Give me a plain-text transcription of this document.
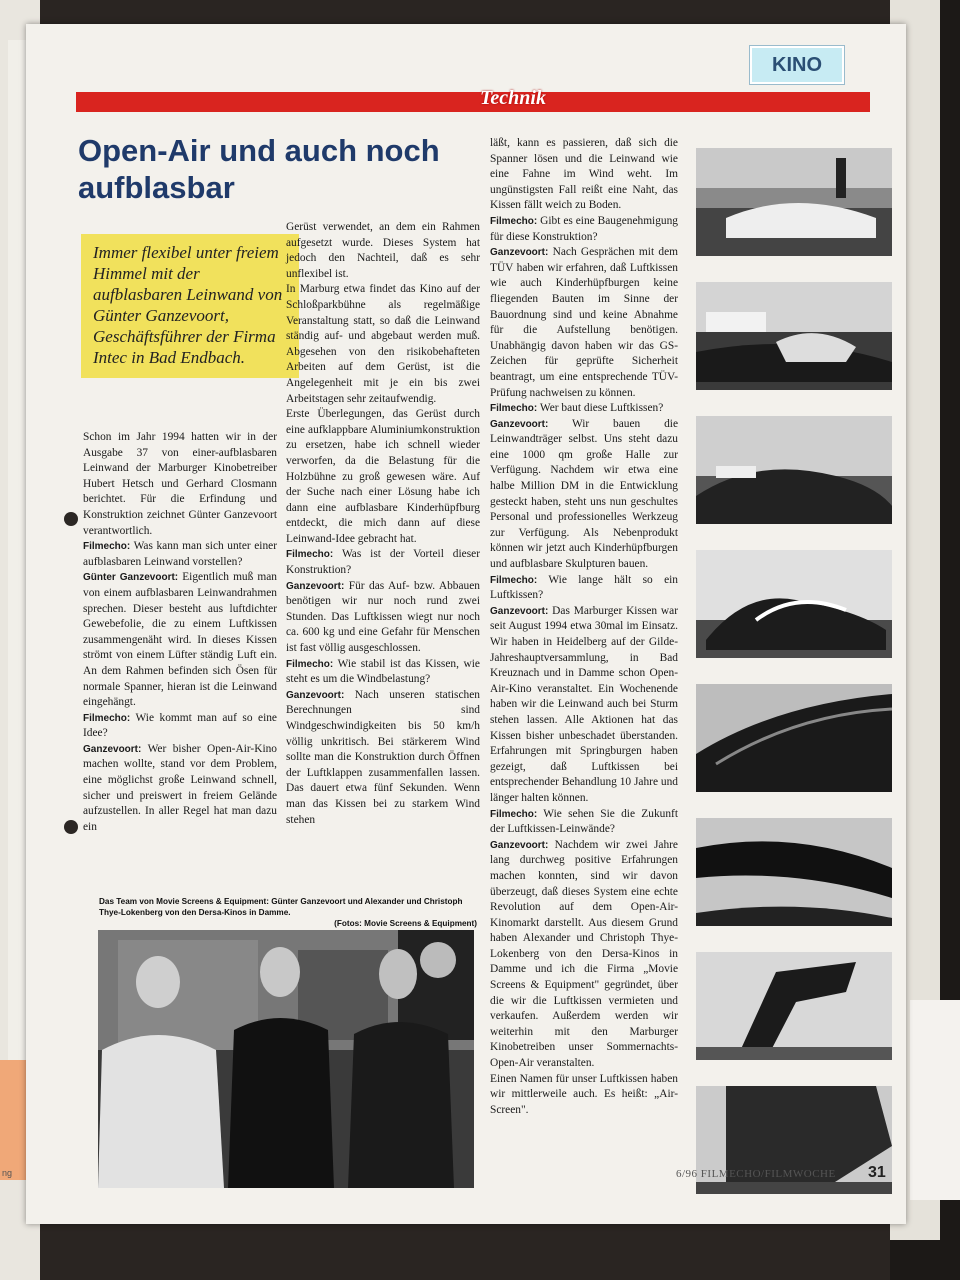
ng
KINO
Technik
Open-Air und auch noch aufblasbar
Immer flexibel unter freiem Himmel mit der aufblasbaren Leinwand von Günter Ganzevoort, Geschäftsführer der Firma Intec in Bad Endbach.

Schon im Jahr 1994 hatten wir in der Ausgabe 37 von einer-aufblasbaren Leinwand der Marburger Kinobetreiber Hubert Hetsch und Gerhard Closmann berichtet. Für die Erfindung und Konstruktion zeichnet Günter Ganzevoort verantwortlich.

Filmecho: Was kann man sich unter einer aufblasbaren Leinwand vorstellen?

Günter Ganzevoort: Eigentlich muß man von einem aufblasbaren Leinwandrahmen sprechen. Dieser besteht aus luftdichter Gewebefolie, die zu einem Luftkissen zusammengenäht wird. In dieses Kissen strömt von einem Lüfter ständig Luft ein. An dem Rahmen befinden sich Ösen für normale Spanner, hieran ist die Leinwand eingehängt.

Filmecho: Wie kommt man auf so eine Idee?

Ganzevoort: Wer bisher Open-Air-Kino machen wollte, stand vor dem Problem, eine möglichst große Leinwand schnell, sicher und preiswert in freiem Gelände aufzustellen. In aller Regel hat man dazu ein

Gerüst verwendet, an dem ein Rahmen aufgesetzt wurde. Dieses System hat jedoch den Nachteil, daß es sehr unflexibel ist.

In Marburg etwa findet das Kino auf der Schloßparkbühne als regelmäßige Veranstaltung statt, so daß die Leinwand ständig auf- und abgebaut werden muß. Abgesehen von den risikobehafteten Arbeiten auf dem Gerüst, ist die Angelegenheit mit je ein bis zwei Arbeitstagen sehr zeitaufwendig.

Erste Überlegungen, das Gerüst durch eine aufklappbare Aluminiumkonstruktion zu ersetzen, habe ich schnell wieder verworfen, da die Belastung für die Holzbühne zu groß gewesen wäre. Auf der Suche nach einer Lösung habe ich dann eine aufblasbare Kinderhüpfburg entdeckt, die mich dann auf diese Leinwand-Idee gebracht hat.

Filmecho: Was ist der Vorteil dieser Konstruktion?

Ganzevoort: Für das Auf- bzw. Abbauen benötigen wir nur noch rund zwei Stunden. Das Luftkissen wiegt nur noch ca. 600 kg und eine Gefahr für Menschen ist fast völlig ausgeschlossen.

Filmecho: Wie stabil ist das Kissen, wie steht es um die Windbelastung?

Ganzevoort: Nach unseren statischen Berechnungen sind Windgeschwindigkeiten bis 50 km/h völlig unkritisch. Bei stärkerem Wind sollte man die Konstruktion durch Öffnen der Luftklappen zusammenfallen lassen. Das dauert etwa fünf Sekunden. Wenn man das Kissen bei zu starkem Wind stehen

läßt, kann es passieren, daß sich die Spanner lösen und die Leinwand wie eine Fahne im Wind weht. Im ungünstigsten Fall reißt eine Naht, das Kissen fällt weich zu Boden.

Filmecho: Gibt es eine Baugenehmigung für diese Konstruktion?

Ganzevoort: Nach Gesprächen mit dem TÜV haben wir erfahren, daß Luftkissen wie auch Kinderhüpfburgen keine fliegenden Bauten im Sinne der Bauordnung sind und keine Abnahme für die Aufstellung benötigen. Unabhängig davon haben wir das GS-Zeichen für geprüfte Sicherheit beantragt, um eine entsprechende TÜV-Prüfung nachweisen zu können.

Filmecho: Wer baut diese Luftkissen?

Ganzevoort: Wir bauen die Leinwandträger selbst. Uns steht dazu eine 1000 qm große Halle zur Verfügung. Nachdem wir etwa eine halbe Million DM in die Entwicklung gesteckt haben, steht uns nun geschultes Personal und professionelles Werkzeug zur Verfügung. Als Nebenprodukt können wir jetzt auch Kinderhüpfburgen und aufblasbare Skulpturen bauen.

Filmecho: Wie lange hält so ein Luftkissen?

Ganzevoort: Das Marburger Kissen war seit August 1994 etwa 30mal im Einsatz. Wir haben in Heidelberg auf der Gilde-Jahreshauptversammlung, in Bad Kreuznach und in Damme schon Open-Air-Kino veranstaltet. Ein Wochenende haben wir die Leinwand auch bei Sturm stehen lassen. Alle Aktionen hat das Kissen bisher unbeschadet überstanden. Erfahrungen mit Springburgen haben gezeigt, daß Luftkissen bei entsprechender Behandlung 10 Jahre und länger halten können.

Filmecho: Wie sehen Sie die Zukunft der Luftkissen-Leinwände?

Ganzevoort: Nachdem wir zwei Jahre lang durchweg positive Erfahrungen machen konnten, sind wir davon überzeugt, daß dieses System eine echte Revolution auf dem Open-Air-Kinomarkt darstellt. Aus diesem Grund haben Alexander und Christoph Thye-Lokenberg von den Dersa-Kinos in Damme und ich die Firma „Movie Screens & Equipment" gegründet, über die wir die Luftkissen vermieten und verkaufen. Außerdem werden wir weiterhin mit den Marburger Kinobetreiben unser Sommernachts-Open-Air veranstalten.

Einen Namen für unser Luftkissen haben wir mittlerweile auch. Es heißt: „Air-Screen".

Das Team von Movie Screens & Equipment: Günter Ganzevoort und Alexander und Christoph Thye-Lokenberg von den Dersa-Kinos in Damme.
(Fotos: Movie Screens & Equipment)
6/96 FILMECHO/FILMWOCHE 31
